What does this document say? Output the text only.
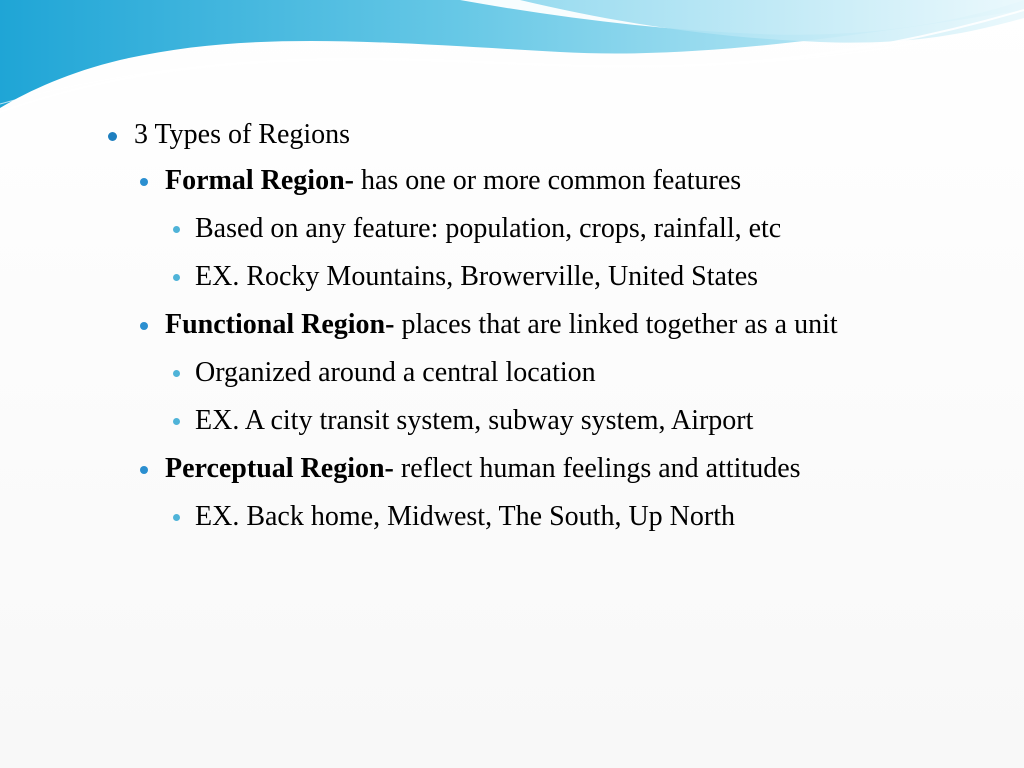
3 Types of Regions
Formal Region- has one or more common features
Based on any feature: population, crops, rainfall, etc
EX. Rocky Mountains, Browerville, United States
Functional Region- places that are linked together as a unit
Organized around a central location
EX. A city transit system, subway system, Airport
Perceptual Region- reflect human feelings and attitudes
EX. Back home, Midwest, The South, Up North
